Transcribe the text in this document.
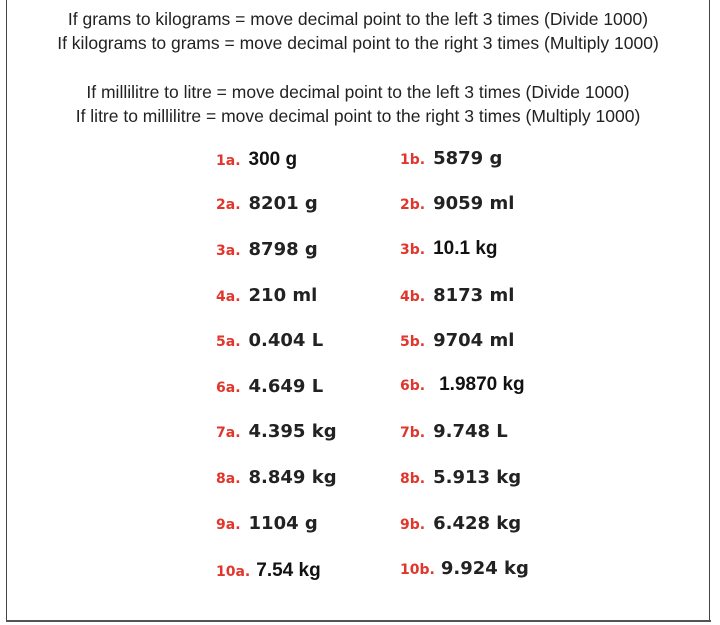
If grams to kilograms = move decimal point to the left 3 times (Divide 1000)
If kilograms to grams = move decimal point to the right 3 times (Multiply 1000)
If millilitre to litre = move decimal point to the left 3 times (Divide 1000)
If litre to millilitre = move decimal point to the right 3 times (Multiply 1000)
1a. 300 g	1b. 5879 g
2a. 8201 g	2b. 9059 ml
3a. 8798 g	3b. 10.1 kg
4a. 210 ml	4b. 8173 ml
5a. 0.404 L	5b. 9704 ml
6a. 4.649 L	6b. 1.9870 kg
7a. 4.395 kg	7b. 9.748 L
8a. 8.849 kg	8b. 5.913 kg
9a. 1104 g	9b. 6.428 kg
10a. 7.54 kg	10b. 9.924 kg
